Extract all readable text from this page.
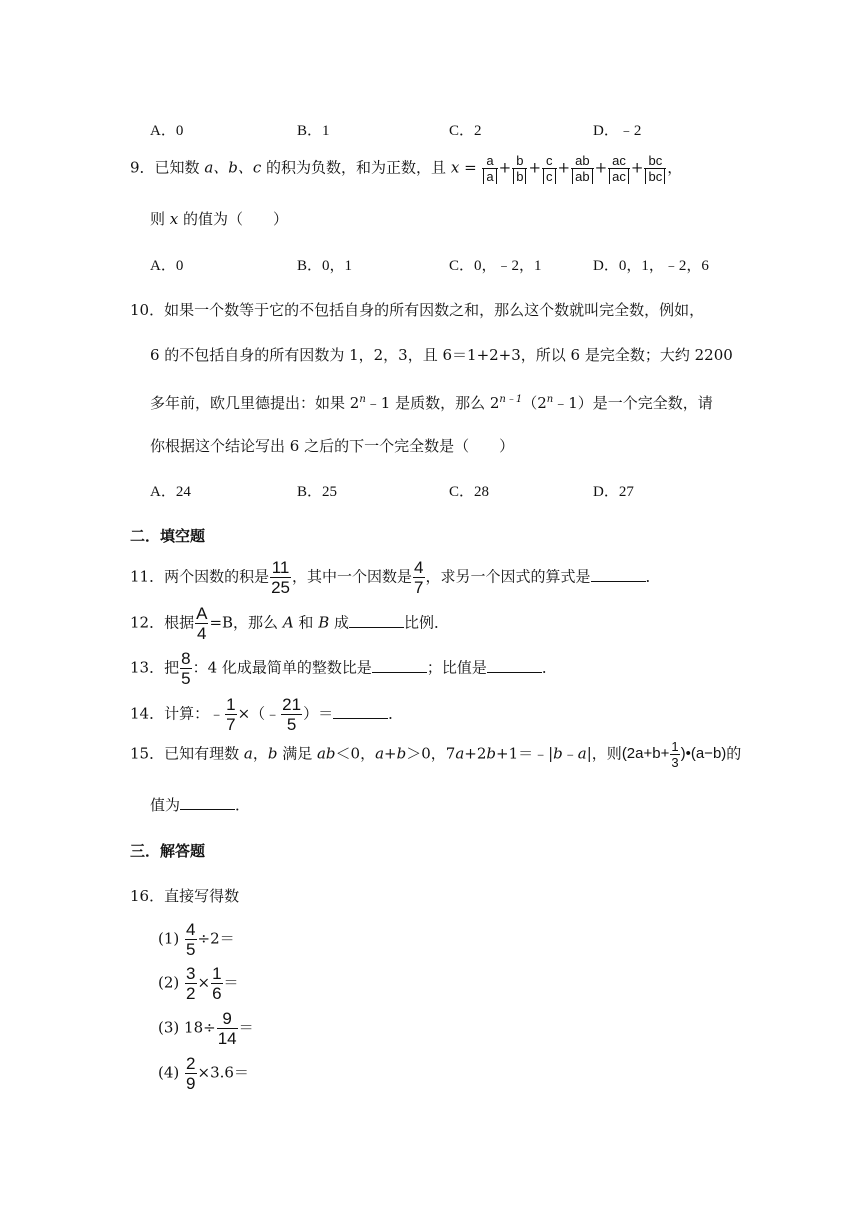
A．0	B．1	C．2	D．﹣2
9．已知数 a、b、c 的积为负数，和为正数，且 $x = \frac{a}{a} + \frac{b}{b} + \frac{c}{c} + \frac{ab}{ab} + \frac{ac}{ac} + \frac{bc}{bc}$ ，
则 x 的值为（　　）
A．0	B．0，1	C．0，﹣2，1	D．0，1，﹣2，6
10．如果一个数等于它的不包括自身的所有因数之和，那么这个数就叫完全数，例如，
6 的不包括自身的所有因数为 1，2，3，且 6＝1+2+3，所以 6 是完全数；大约 2200
多年前，欧几里德提出：如果 2$^n$﹣1 是质数，那么 $2^{n﹣1}(2^n﹣1)$是一个完全数，请
你根据这个结论写出 6 之后的下一个完全数是（　　）
A．24	B．25	C．28	D．27
二．填空题
11．两个因数的积是 $\frac{11}{25}$ ，其中一个因数是 $\frac{4}{7}$ ，求另一个因式的算式是	．
12．根据 $\frac{A}{4} =B$，那么 A 和 B 成	比例．
13．把 $\frac{8}{5}$ ：4 化成最简单的整数比是	；比值是	．
14．计算：﹣ $\frac{1}{7}$ ×（﹣ $\frac{21}{5}$ ）＝	．
15．已知有理数 a，b 满足 ab＜0，a+b＞0，7a+2b+1＝﹣|b﹣a|，则($2a+b+ \frac{1}{3}$ )•(a−b)的
值为	．
三．解答题
16．直接写得数
$(1) \frac{4}{5} \div 2=$
$(2) \frac{3}{2} \times \frac{1}{6}$ ＝
(3) $18\div \frac{9}{14}$ ＝
$(4) \frac{2}{9} \times 3.6=$
